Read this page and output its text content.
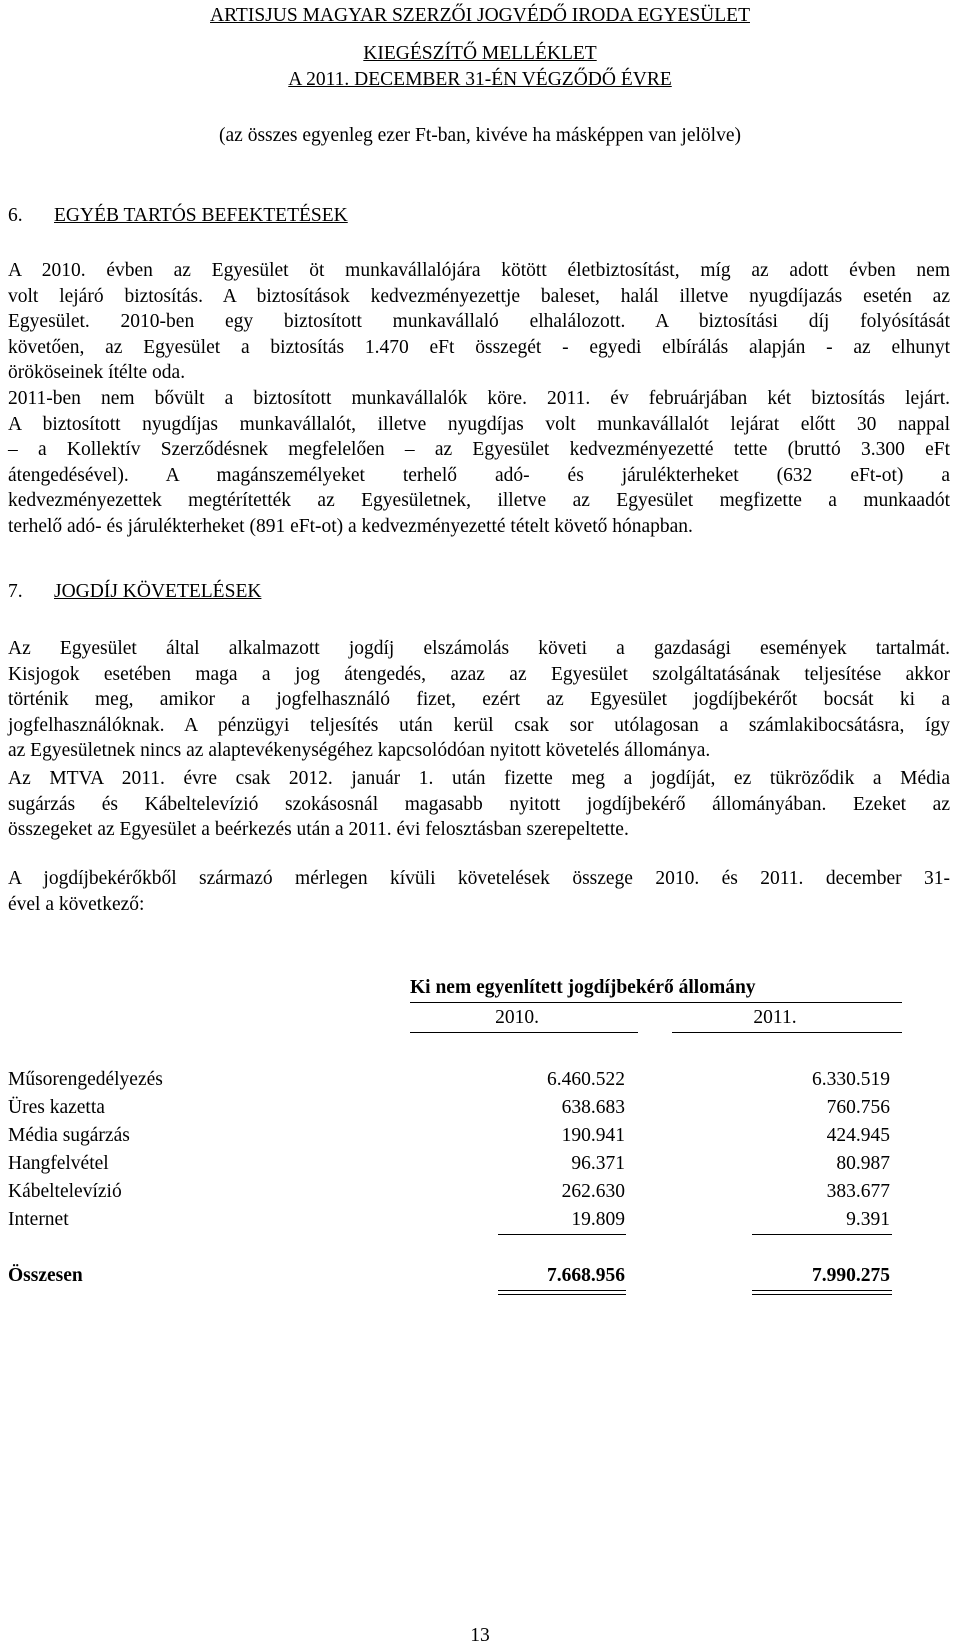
ARTISJUS MAGYAR SZERZŐI JOGVÉDŐ IRODA EGYESÜLET
KIEGÉSZÍTŐ MELLÉKLET
A 2011. DECEMBER 31-ÉN VÉGZŐDŐ ÉVRE
(az összes egyenleg ezer Ft-ban, kivéve ha másképpen van jelölve)
6. EGYÉB TARTÓS BEFEKTETÉSEK
A 2010. évben az Egyesület öt munkavállalójára kötött életbiztosítást, míg az adott évben nem
volt lejáró biztosítás. A biztosítások kedvezményezettje baleset, halál illetve nyugdíjazás esetén az
Egyesület. 2010-ben egy biztosított munkavállaló elhalálozott. A biztosítási díj folyósítását
követően, az Egyesület a biztosítás 1.470 eFt összegét - egyedi elbírálás alapján - az elhunyt
örököseinek ítélte oda.
2011-ben nem bővült a biztosított munkavállalók köre. 2011. év februárjában két biztosítás lejárt.
A biztosított nyugdíjas munkavállalót, illetve nyugdíjas volt munkavállalót lejárat előtt 30 nappal
– a Kollektív Szerződésnek megfelelően – az Egyesület kedvezményezetté tette (bruttó 3.300 eFt
átengedésével). A magánszemélyeket terhelő adó- és járulékterheket (632 eFt-ot) a
kedvezményezettek megtérítették az Egyesületnek, illetve az Egyesület megfizette a munkaadót
terhelő adó- és járulékterheket (891 eFt-ot) a kedvezményezetté tételt követő hónapban.
7. JOGDÍJ KÖVETELÉSEK
Az Egyesület által alkalmazott jogdíj elszámolás követi a gazdasági események tartalmát.
Kisjogok esetében maga a jog átengedés, azaz az Egyesület szolgáltatásának teljesítése akkor
történik meg, amikor a jogfelhasználó fizet, ezért az Egyesület jogdíjbekérőt bocsát ki a
jogfelhasználóknak. A pénzügyi teljesítés után kerül csak sor utólagosan a számlakibocsátásra, így
az Egyesületnek nincs az alaptevékenységéhez kapcsolódóan nyitott követelés állománya.
Az MTVA 2011. évre csak 2012. január 1. után fizette meg a jogdíját, ez tükröződik a Média
sugárzás és Kábeltelevízió szokásosnál magasabb nyitott jogdíjbekérő állományában. Ezeket az
összegeket az Egyesület a beérkezés után a 2011. évi felosztásban szerepeltette.
A jogdíjbekérőkből származó mérlegen kívüli követelések összege 2010. és 2011. december 31-
ével a következő:
Ki nem egyenlített jogdíjbekérő állomány
2010.	2011.
Műsorengedélyezés	6.460.522	6.330.519
Üres kazetta	638.683	760.756
Média sugárzás	190.941	424.945
Hangfelvétel	96.371	80.987
Kábeltelevízió	262.630	383.677
Internet	19.809	9.391
Összesen	7.668.956	7.990.275
13
